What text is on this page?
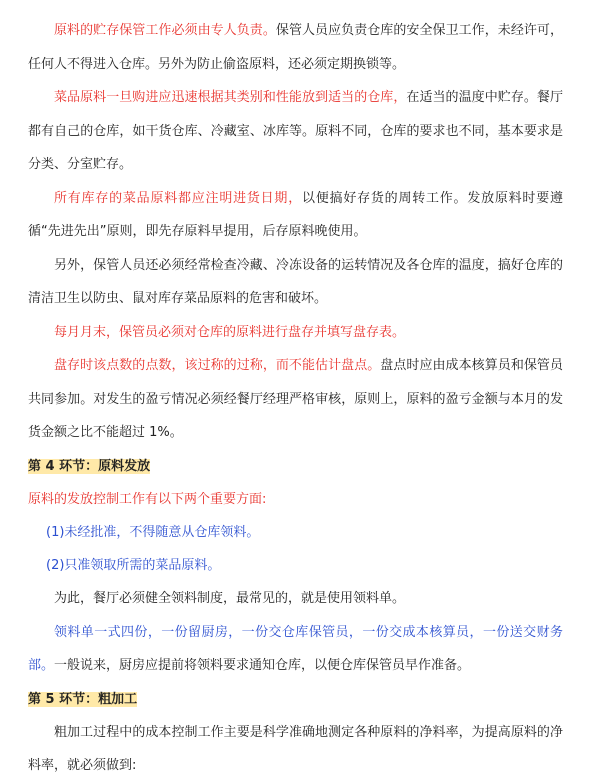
原料的贮存保管工作必须由专人负责。保管人员应负责仓库的安全保卫工作，未经许可，任何人不得进入仓库。另外为防止偷盗原料，还必须定期换锁等。

菜品原料一旦购进应迅速根据其类别和性能放到适当的仓库，在适当的温度中贮存。餐厅都有自己的仓库，如干货仓库、冷藏室、冰库等。原料不同，仓库的要求也不同，基本要求是分类、分室贮存。

所有库存的菜品原料都应注明进货日期，以便搞好存货的周转工作。发放原料时要遵循“先进先出”原则，即先存原料早提用，后存原料晚使用。

另外，保管人员还必须经常检查冷藏、冷冻设备的运转情况及各仓库的温度，搞好仓库的清洁卫生以防虫、鼠对库存菜品原料的危害和破坏。

每月月末，保管员必须对仓库的原料进行盘存并填写盘存表。

盘存时该点数的点数，该过称的过称，而不能估计盘点。盘点时应由成本核算员和保管员共同参加。对发生的盈亏情况必须经餐厅经理严格审核，原则上，原料的盈亏金额与本月的发货金额之比不能超过 1%。

第 4 环节：原料发放

原料的发放控制工作有以下两个重要方面:

(1)未经批准，不得随意从仓库领料。

(2)只准领取所需的菜品原料。

为此，餐厅必须健全领料制度，最常见的，就是使用领料单。

领料单一式四份，一份留厨房，一份交仓库保管员，一份交成本核算员，一份送交财务部。一般说来，厨房应提前将领料要求通知仓库，以便仓库保管员早作准备。

第 5 环节：粗加工

粗加工过程中的成本控制工作主要是科学准确地测定各种原料的净料率，为提高原料的净料率，就必须做到:
